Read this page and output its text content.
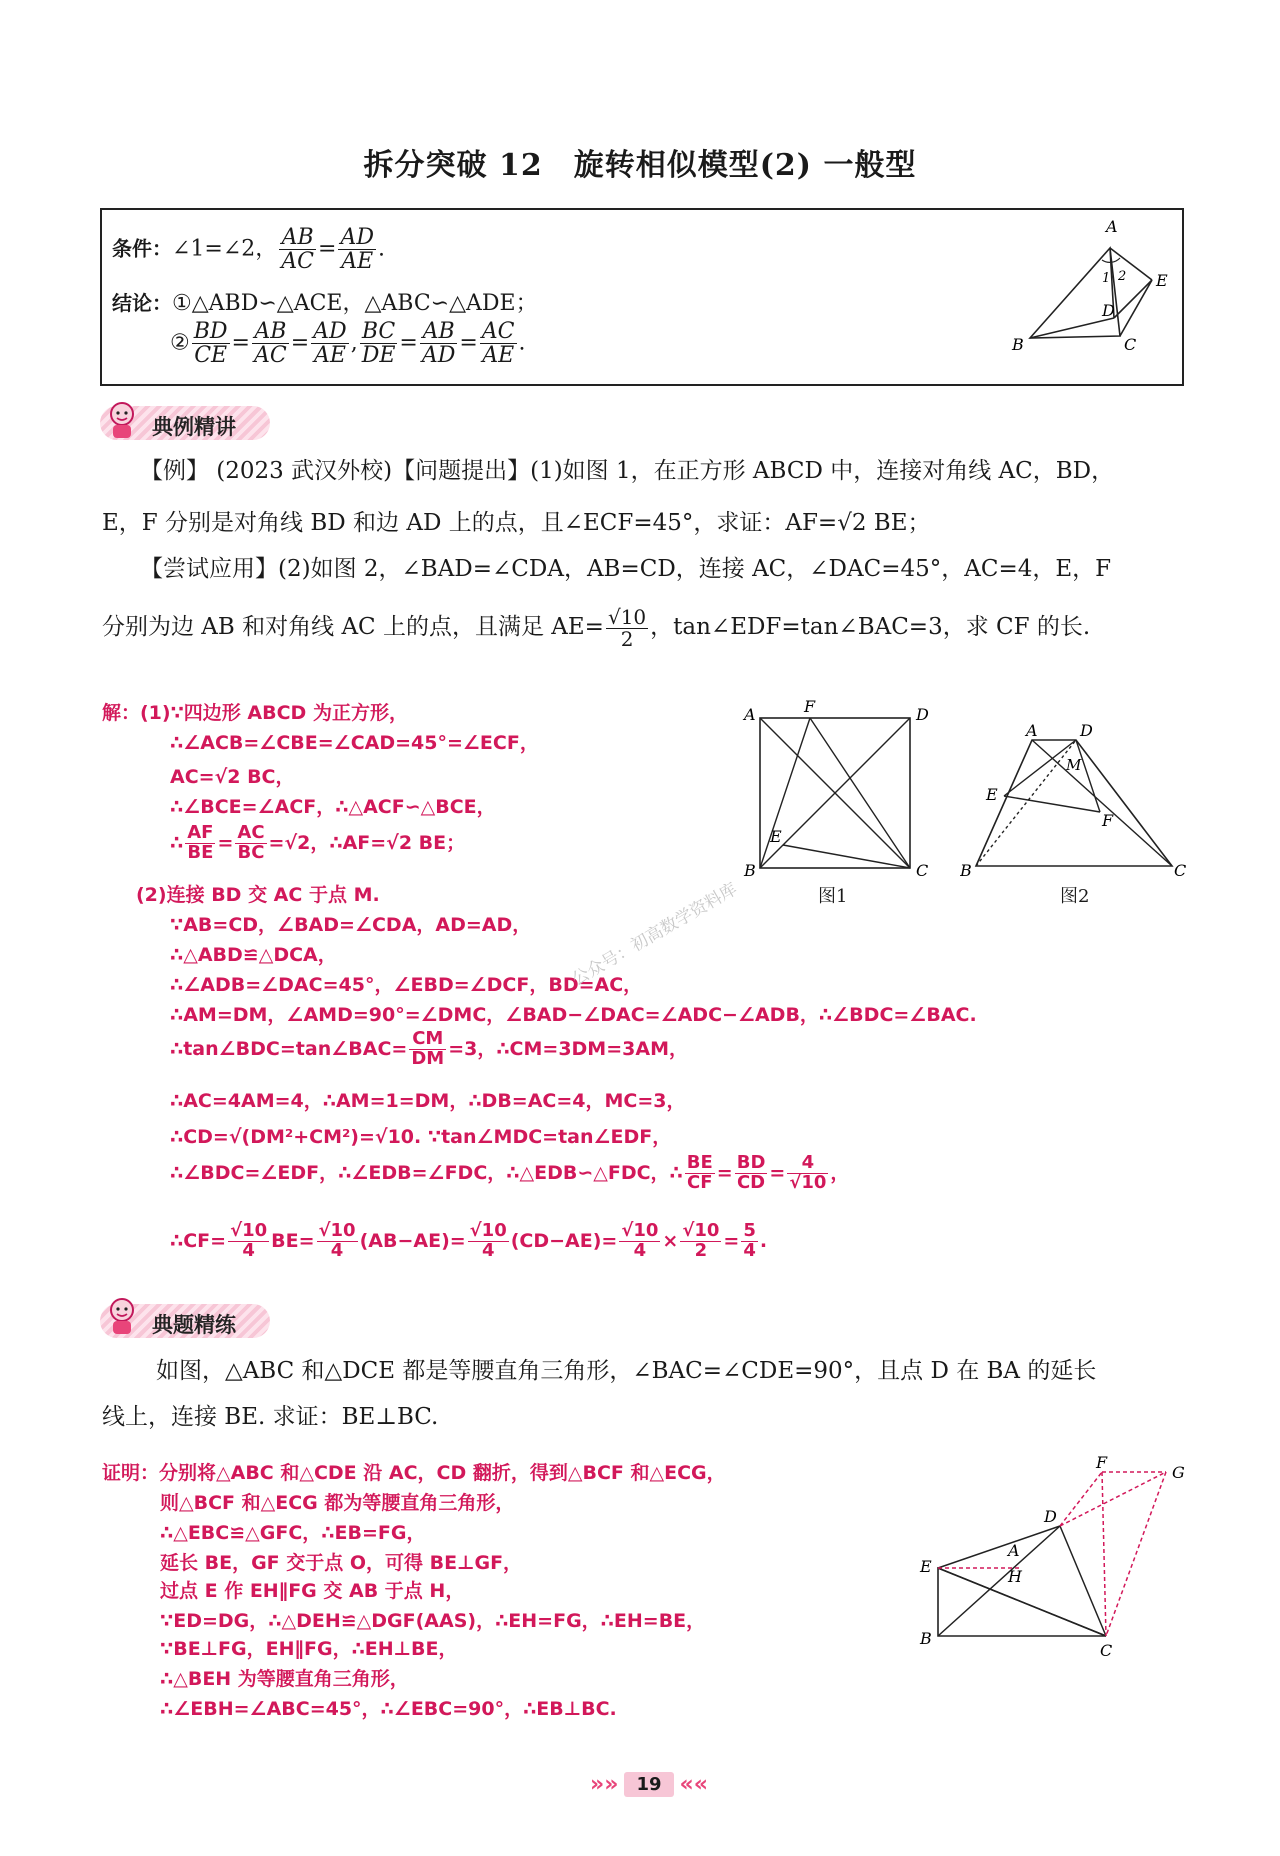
拆分突破 12　旋转相似模型(2) 一般型
条件：∠1=∠2， $\frac{AB}{AC} = \frac{AD}{AE}$ .
结论：①△ABD∽△ACE，△ABC∽△ADE；
② $\frac{BD}{CE} = \frac{AB}{AC} = \frac{AD}{AE}$ , $\frac{BC}{DE} = \frac{AB}{AD} = \frac{AC}{AE}$ .
A
1 2 E
D
B	C
典例精讲
【例】 (2023 武汉外校)【问题提出】(1)如图 1，在正方形 ABCD 中，连接对角线 AC，BD，
E，F 分别是对角线 BD 和边 AD 上的点，且∠ECF=45°，求证：AF=√2 BE；
【尝试应用】(2)如图 2，∠BAD=∠CDA，AB=CD，连接 AC，∠DAC=45°，AC=4，E，F
分别为边 AB 和对角线 AC 上的点，且满足 $AE= \frac{√10}{2}$ ，tan∠EDF=tan∠BAC=3，求 CF 的长.
解：(1)∵四边形 ABCD 为正方形，
∴∠ACB=∠CBE=∠CAD=45°=∠ECF，
AC=√2 BC，
∴∠BCE=∠ACF，∴△ACF∽△BCE，
∴ $\frac{AF}{BE} = \frac{AC}{BC} =√2$，∴AF=√2 BE；
(2)连接 BD 交 AC 于点 M.
∵AB=CD，∠BAD=∠CDA，AD=AD，
∴△ABD≌△DCA，
∴∠ADB=∠DAC=45°，∠EBD=∠DCF，BD=AC，
∴AM=DM，∠AMD=90°=∠DMC，∠BAD−∠DAC=∠ADC−∠ADB，∴∠BDC=∠BAC.
∴tan∠BDC=tan∠BAC= $\frac{CM}{DM} =3$，∴CM=3DM=3AM，
∴AC=4AM=4，∴AM=1=DM，∴DB=AC=4，MC=3，
∴CD=√(DM²+CM²)=√10. ∵tan∠MDC=tan∠EDF，
∴∠BDC=∠EDF，∴∠EDB=∠FDC，∴△EDB∽△FDC，∴ $\frac{BE}{CF} = \frac{BD}{CD} = \frac{4}{√10}$ ，
∴CF= $\frac{√10}{4} BE= \frac{√10}{4} (AB-AE)= \frac{√10}{4} (CD-AE)= \frac{√10}{4} \times \frac{√10}{2} = \frac{5}{4}$ .
A	F	D
E
B	C
图1
A	D
M
E
F
B	C
图2
公众号：初高数学资料库
典题精练
如图，△ABC 和△DCE 都是等腰直角三角形，∠BAC=∠CDE=90°，且点 D 在 BA 的延长
线上，连接 BE. 求证：BE⊥BC.
证明：分别将△ABC 和△CDE 沿 AC，CD 翻折，得到△BCF 和△ECG，
则△BCF 和△ECG 都为等腰直角三角形，
∴△EBC≌△GFC，∴EB=FG，
延长 BE，GF 交于点 O，可得 BE⊥GF，
过点 E 作 EH∥FG 交 AB 于点 H，
∵ED=DG，∴△DEH≌△DGF(AAS)，∴EH=FG，∴EH=BE，
∵BE⊥FG，EH∥FG，∴EH⊥BE，
∴△BEH 为等腰直角三角形，
∴∠EBH=∠ABC=45°，∴∠EBC=90°，∴EB⊥BC.
F
G
D
A
E
H
B
C
»»	19 ««
